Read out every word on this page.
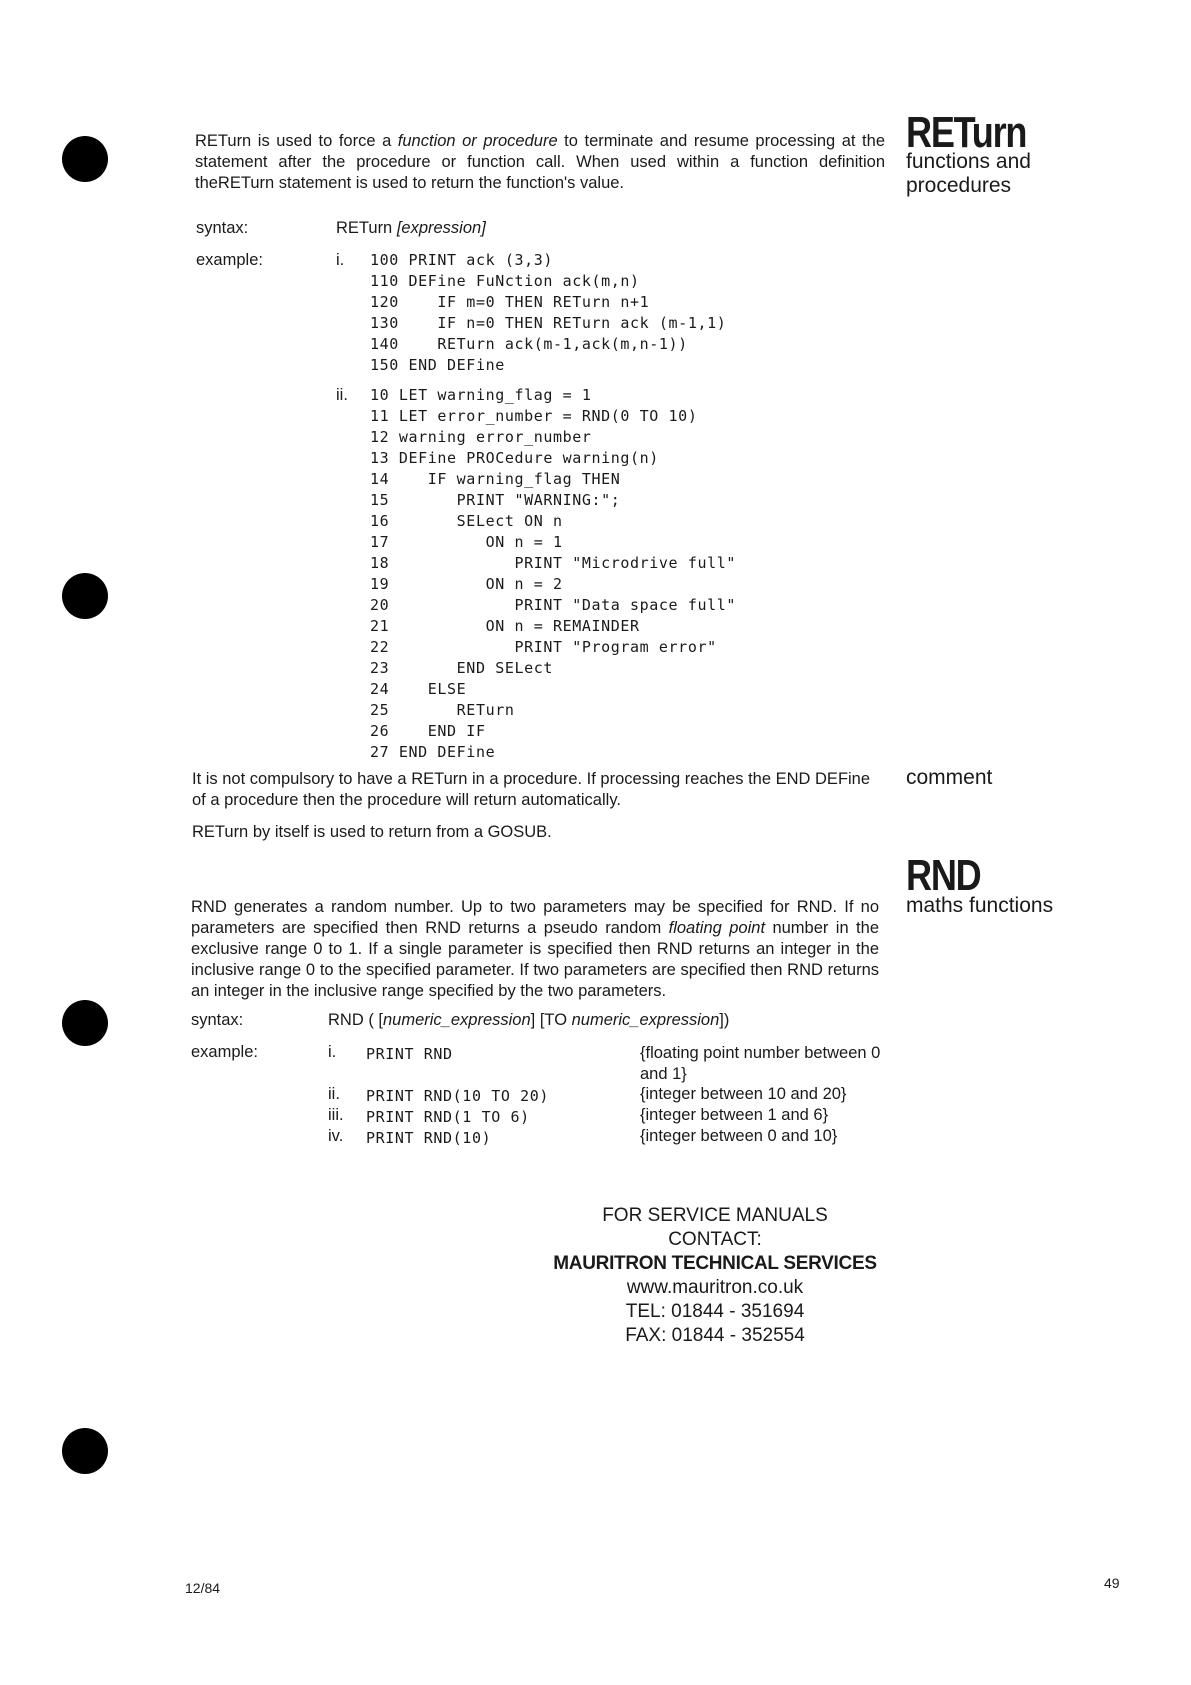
RETurn is used to force a function or procedure to terminate and resume processing at the statement after the procedure or function call. When used within a function definition theRETurn statement is used to return the function's value.
RETurn
functions and procedures
syntax:	RETurn [expression]
example:	i. 100 PRINT ack (3,3)
110 DEFine FuNction ack(m,n)
120    IF m=0 THEN RETurn n+1
130    IF n=0 THEN RETurn ack (m-1,1)
140    RETurn ack(m-1,ack(m,n-1))
150 END DEFine
ii. 10 LET warning_flag = 1
11 LET error_number = RND(0 TO 10)
12 warning error_number
13 DEFine PROCedure warning(n)
14    IF warning_flag THEN
15       PRINT "WARNING:";
16       SELect ON n
17          ON n = 1
18             PRINT "Microdrive full"
19          ON n = 2
20             PRINT "Data space full"
21          ON n = REMAINDER
22             PRINT "Program error"
23       END SELect
24    ELSE
25       RETurn
26    END IF
27 END DEFine
It is not compulsory to have a RETurn in a procedure. If processing reaches the END DEFine of a procedure then the procedure will return automatically.
RETurn by itself is used to return from a GOSUB.
comment
RND
maths functions
RND generates a random number. Up to two parameters may be specified for RND. If no parameters are specified then RND returns a pseudo random floating point number in the exclusive range 0 to 1. If a single parameter is specified then RND returns an integer in the inclusive range 0 to the specified parameter. If two parameters are specified then RND returns an integer in the inclusive range specified by the two parameters.
syntax:	RND ( [numeric_expression] [TO numeric_expression])
example:	i. PRINT RND	{floating point number between 0 and 1}
ii. PRINT RND(10 TO 20)	{integer between 10 and 20}
iii. PRINT RND(1 TO 6)	{integer between 1 and 6}
iv. PRINT RND(10)	{integer between 0 and 10}
FOR SERVICE MANUALS
CONTACT:
MAURITRON TECHNICAL SERVICES
www.mauritron.co.uk
TEL: 01844 - 351694
FAX: 01844 - 352554
12/84	49
